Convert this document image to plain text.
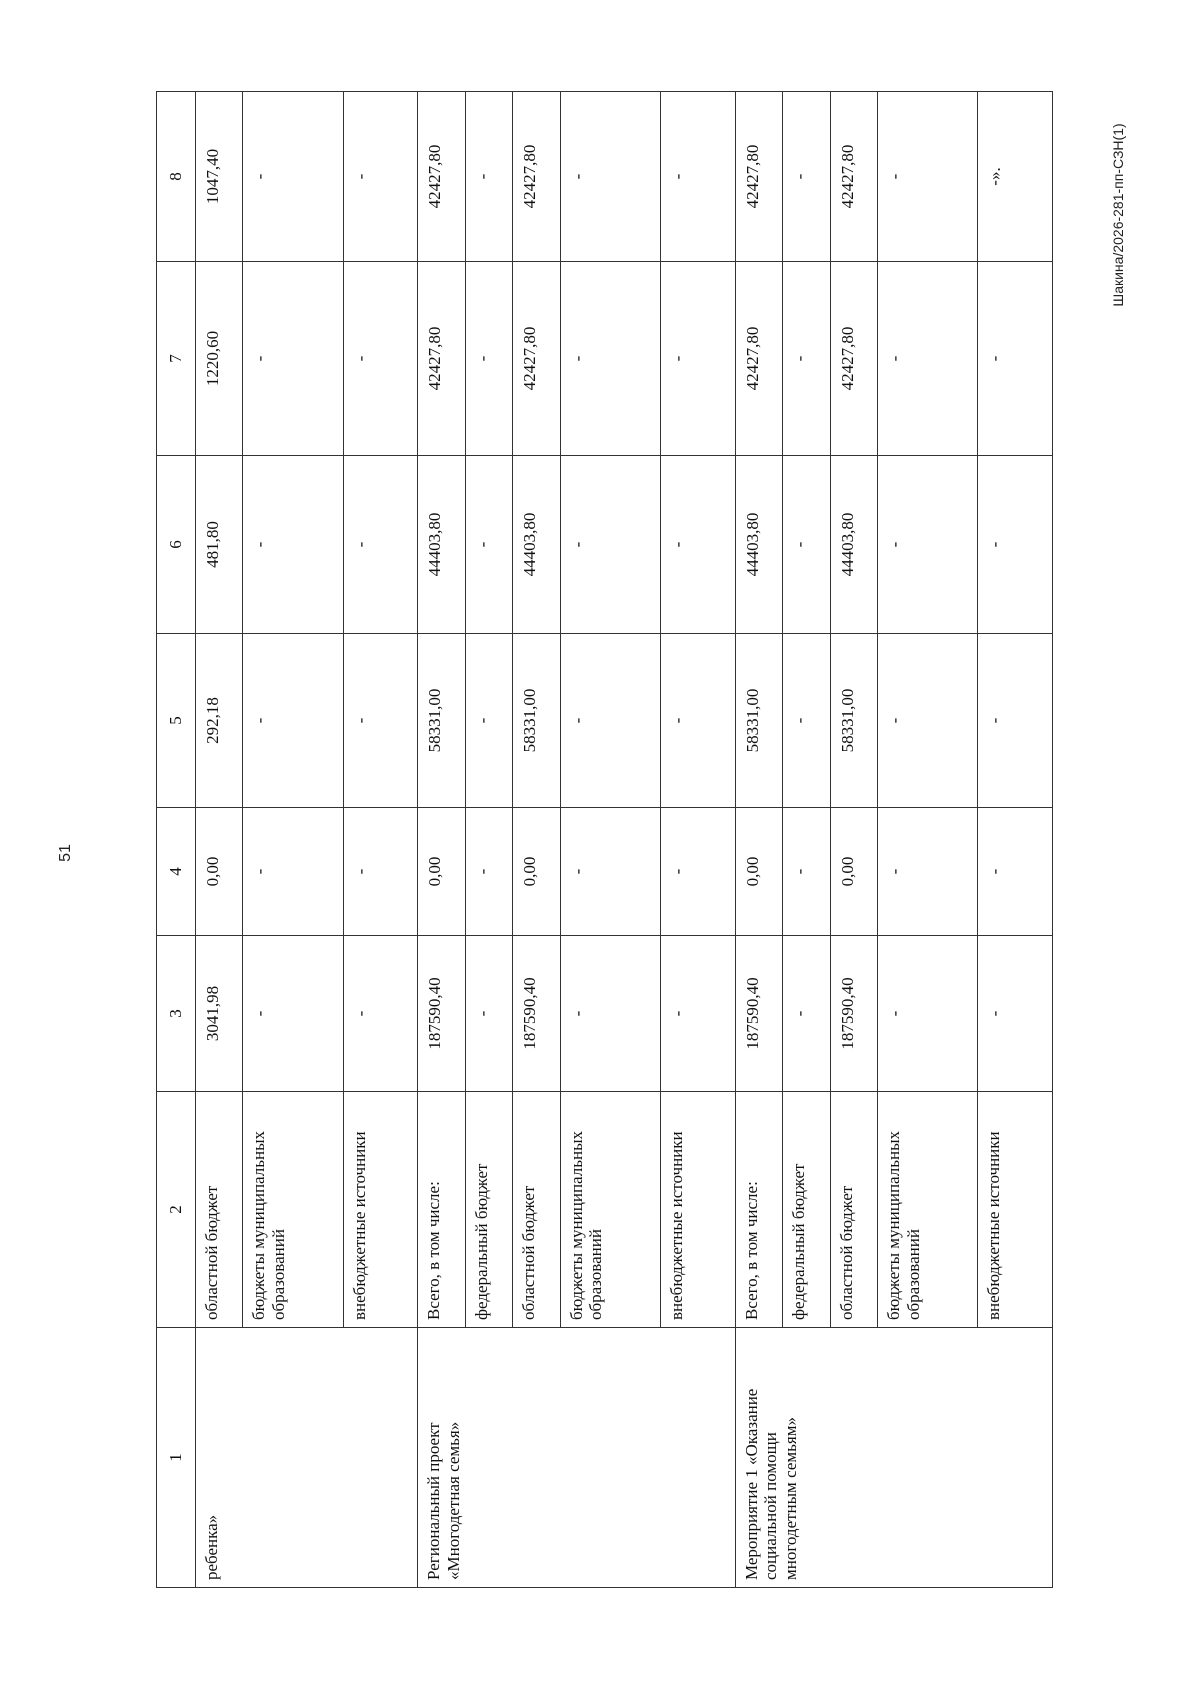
51
Шакина/2026-281-пп-СЗН(1)
1	2	3	4	5	6	7	8
ребенка»	областной бюджет	3041,98	0,00	292,18	481,80	1220,60	1047,40
	бюджеты муниципальных образований	-	-	-	-	-	-
	внебюджетные источники	-	-	-	-	-	-
Региональный проект «Многодетная семья»	Всего, в том числе:	187590,40	0,00	58331,00	44403,80	42427,80	42427,80
	федеральный бюджет	-	-	-	-	-	-
	областной бюджет	187590,40	0,00	58331,00	44403,80	42427,80	42427,80
	бюджеты муниципальных образований	-	-	-	-	-	-
	внебюджетные источники	-	-	-	-	-	-
Мероприятие 1 «Оказание социальной помощи многодетным семьям»	Всего, в том числе:	187590,40	0,00	58331,00	44403,80	42427,80	42427,80
	федеральный бюджет	-	-	-	-	-	-
	областной бюджет	187590,40	0,00	58331,00	44403,80	42427,80	42427,80
	бюджеты муниципальных образований	-	-	-	-	-	-
	внебюджетные источники	-	-	-	-	-	-».
